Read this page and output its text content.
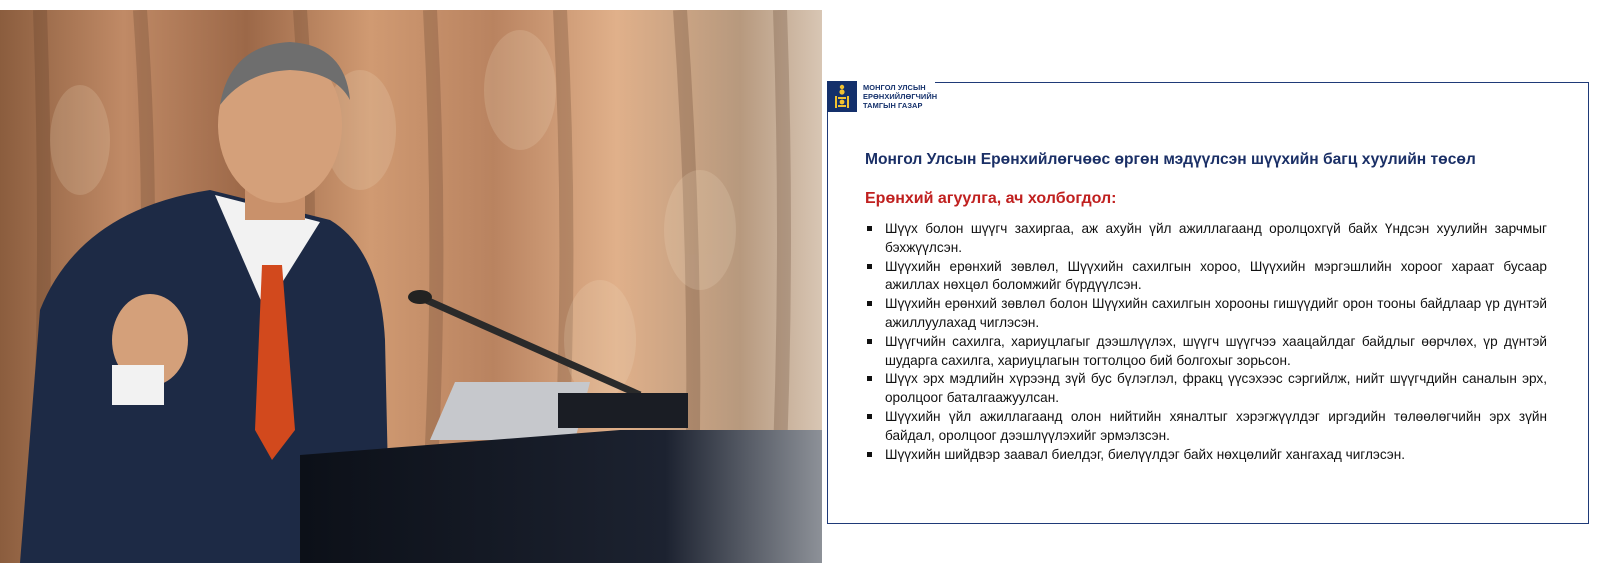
МОНГОЛ УЛСЫН
ЕРӨНХИЙЛӨГЧИЙН
ТАМГЫН ГАЗАР
Монгол Улсын Ерөнхийлөгчөөс өргөн мэдүүлсэн шүүхийн багц хуулийн төсөл
Ерөнхий агуулга, ач холбогдол:
Шүүх болон шүүгч захиргаа, аж ахуйн үйл ажиллагаанд оролцохгүй байх Үндсэн хуулийн зарчмыг бэхжүүлсэн.
Шүүхийн ерөнхий зөвлөл, Шүүхийн сахилгын хороо, Шүүхийн мэргэшлийн хороог хараат бусаар ажиллах нөхцөл боломжийг бүрдүүлсэн.
Шүүхийн ерөнхий зөвлөл болон Шүүхийн сахилгын хорооны гишүүдийг орон тооны байдлаар үр дүнтэй ажиллуулахад чиглэсэн.
Шүүгчийн сахилга, хариуцлагыг дээшлүүлэх, шүүгч шүүгчээ хаацайлдаг байдлыг өөрчлөх, үр дүнтэй шударга сахилга, хариуцлагын тогтолцоо бий болгохыг зорьсон.
Шүүх эрх мэдлийн хүрээнд зүй бус бүлэглэл, фракц үүсэхээс сэргийлж, нийт шүүгчдийн саналын эрх, оролцоог баталгаажуулсан.
Шүүхийн үйл ажиллагаанд олон нийтийн хяналтыг хэрэгжүүлдэг иргэдийн төлөөлөгчийн эрх зүйн байдал, оролцоог дээшлүүлэхийг эрмэлзсэн.
Шүүхийн шийдвэр заавал биелдэг, биелүүлдэг байх нөхцөлийг хангахад чиглэсэн.
